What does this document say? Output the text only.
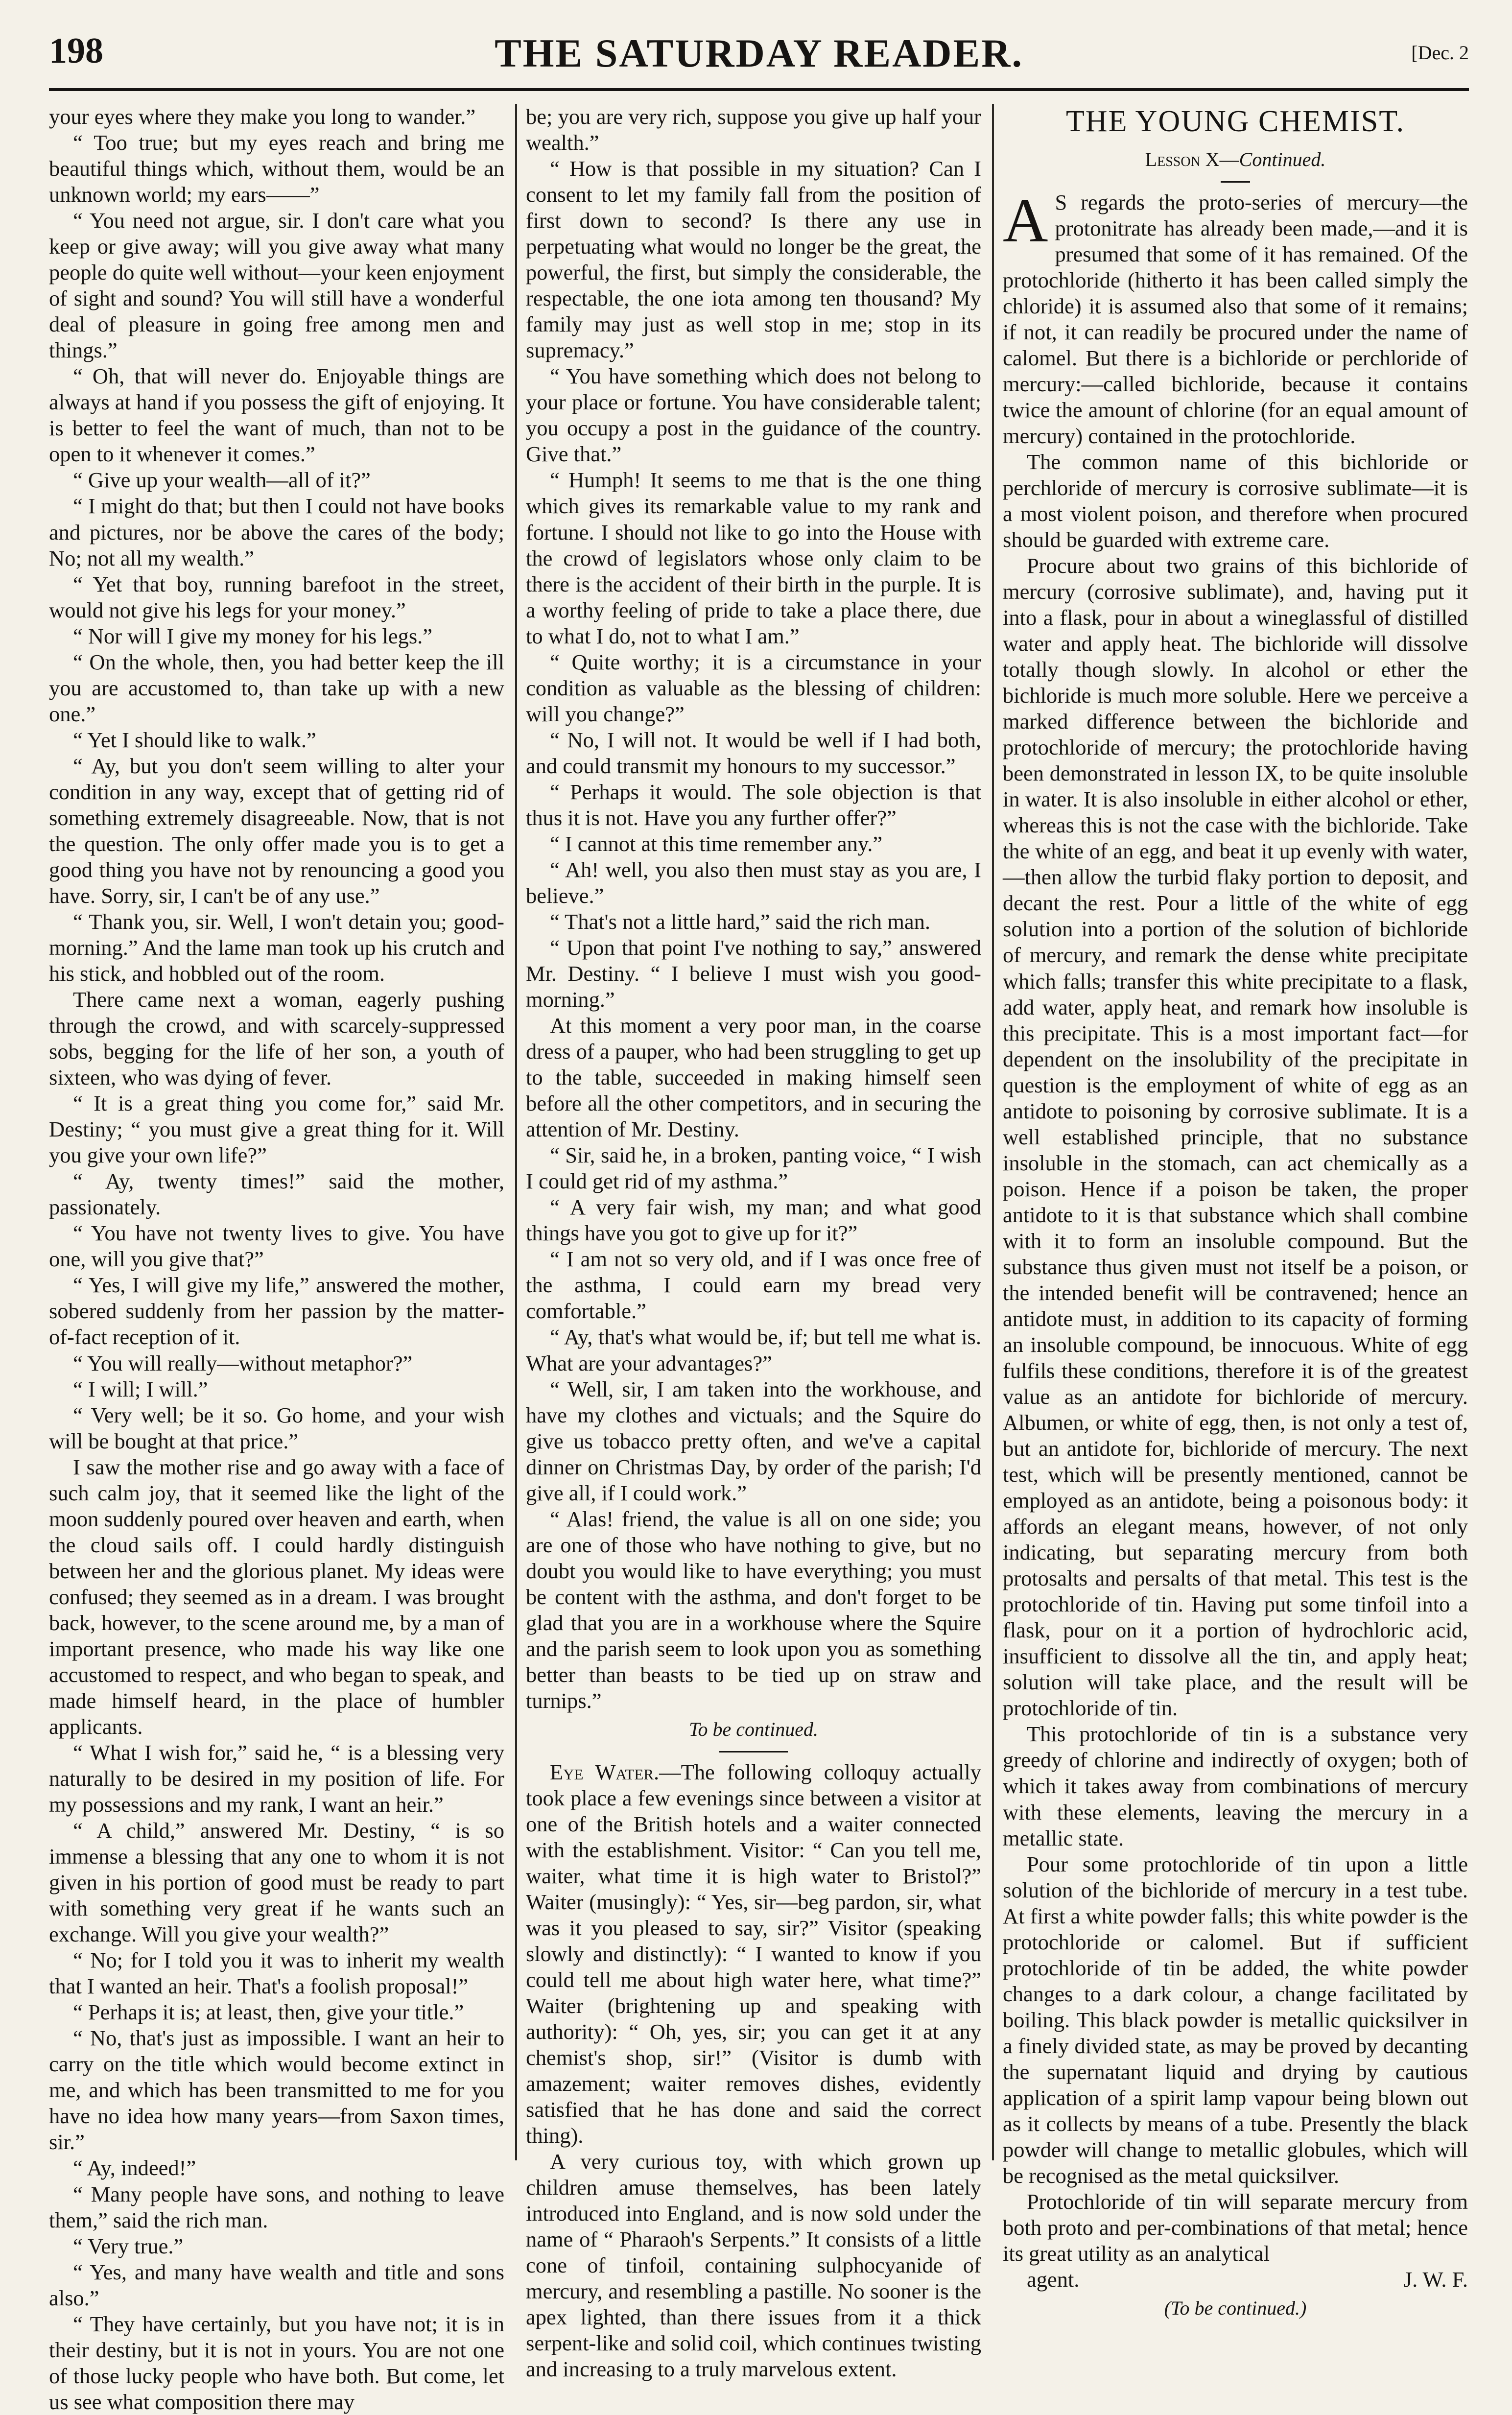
198	THE SATURDAY READER.	[Dec. 2

your eyes where they make you long to wander.”

“ Too true; but my eyes reach and bring me beautiful things which, without them, would be an unknown world; my ears——”

“ You need not argue, sir. I don't care what you keep or give away; will you give away what many people do quite well without—your keen enjoyment of sight and sound? You will still have a wonderful deal of pleasure in going free among men and things.”

“ Oh, that will never do. Enjoyable things are always at hand if you possess the gift of enjoying. It is better to feel the want of much, than not to be open to it whenever it comes.”

“ Give up your wealth—all of it?”

“ I might do that; but then I could not have books and pictures, nor be above the cares of the body; No; not all my wealth.”

“ Yet that boy, running barefoot in the street, would not give his legs for your money.”

“ Nor will I give my money for his legs.”

“ On the whole, then, you had better keep the ill you are accustomed to, than take up with a new one.”

“ Yet I should like to walk.”

“ Ay, but you don't seem willing to alter your condition in any way, except that of getting rid of something extremely disagreeable. Now, that is not the question. The only offer made you is to get a good thing you have not by renouncing a good you have. Sorry, sir, I can't be of any use.”

“ Thank you, sir. Well, I won't detain you; good-morning.” And the lame man took up his crutch and his stick, and hobbled out of the room.

There came next a woman, eagerly pushing through the crowd, and with scarcely-suppressed sobs, begging for the life of her son, a youth of sixteen, who was dying of fever.

“ It is a great thing you come for,” said Mr. Destiny; “ you must give a great thing for it. Will you give your own life?”

“ Ay, twenty times!” said the mother, passionately.

“ You have not twenty lives to give. You have one, will you give that?”

“ Yes, I will give my life,” answered the mother, sobered suddenly from her passion by the matter-of-fact reception of it.

“ You will really—without metaphor?”

“ I will; I will.”

“ Very well; be it so. Go home, and your wish will be bought at that price.”

I saw the mother rise and go away with a face of such calm joy, that it seemed like the light of the moon suddenly poured over heaven and earth, when the cloud sails off. I could hardly distinguish between her and the glorious planet. My ideas were confused; they seemed as in a dream. I was brought back, however, to the scene around me, by a man of important presence, who made his way like one accustomed to respect, and who began to speak, and made himself heard, in the place of humbler applicants.

“ What I wish for,” said he, “ is a blessing very naturally to be desired in my position of life. For my possessions and my rank, I want an heir.”

“ A child,” answered Mr. Destiny, “ is so immense a blessing that any one to whom it is not given in his portion of good must be ready to part with something very great if he wants such an exchange. Will you give your wealth?”

“ No; for I told you it was to inherit my wealth that I wanted an heir. That's a foolish proposal!”

“ Perhaps it is; at least, then, give your title.”

“ No, that's just as impossible. I want an heir to carry on the title which would become extinct in me, and which has been transmitted to me for you have no idea how many years—from Saxon times, sir.”

“ Ay, indeed!”

“ Many people have sons, and nothing to leave them,” said the rich man.

“ Very true.”

“ Yes, and many have wealth and title and sons also.”

“ They have certainly, but you have not; it is in their destiny, but it is not in yours. You are not one of those lucky people who have both. But come, let us see what composition there may

be; you are very rich, suppose you give up half your wealth.”

“ How is that possible in my situation? Can I consent to let my family fall from the position of first down to second? Is there any use in perpetuating what would no longer be the great, the powerful, the first, but simply the considerable, the respectable, the one iota among ten thousand? My family may just as well stop in me; stop in its supremacy.”

“ You have something which does not belong to your place or fortune. You have considerable talent; you occupy a post in the guidance of the country. Give that.”

“ Humph! It seems to me that is the one thing which gives its remarkable value to my rank and fortune. I should not like to go into the House with the crowd of legislators whose only claim to be there is the accident of their birth in the purple. It is a worthy feeling of pride to take a place there, due to what I do, not to what I am.”

“ Quite worthy; it is a circumstance in your condition as valuable as the blessing of children: will you change?”

“ No, I will not. It would be well if I had both, and could transmit my honours to my successor.”

“ Perhaps it would. The sole objection is that thus it is not. Have you any further offer?”

“ I cannot at this time remember any.”

“ Ah! well, you also then must stay as you are, I believe.”

“ That's not a little hard,” said the rich man.

“ Upon that point I've nothing to say,” answered Mr. Destiny. “ I believe I must wish you good-morning.”

At this moment a very poor man, in the coarse dress of a pauper, who had been struggling to get up to the table, succeeded in making himself seen before all the other competitors, and in securing the attention of Mr. Destiny.

“ Sir, said he, in a broken, panting voice, “ I wish I could get rid of my asthma.”

“ A very fair wish, my man; and what good things have you got to give up for it?”

“ I am not so very old, and if I was once free of the asthma, I could earn my bread very comfortable.”

“ Ay, that's what would be, if; but tell me what is. What are your advantages?”

“ Well, sir, I am taken into the workhouse, and have my clothes and victuals; and the Squire do give us tobacco pretty often, and we've a capital dinner on Christmas Day, by order of the parish; I'd give all, if I could work.”

“ Alas! friend, the value is all on one side; you are one of those who have nothing to give, but no doubt you would like to have everything; you must be content with the asthma, and don't forget to be glad that you are in a workhouse where the Squire and the parish seem to look upon you as something better than beasts to be tied up on straw and turnips.”

To be continued.

Eye Water.—The following colloquy actually took place a few evenings since between a visitor at one of the British hotels and a waiter connected with the establishment. Visitor: “ Can you tell me, waiter, what time it is high water to Bristol?” Waiter (musingly): “ Yes, sir—beg pardon, sir, what was it you pleased to say, sir?” Visitor (speaking slowly and distinctly): “ I wanted to know if you could tell me about high water here, what time?” Waiter (brightening up and speaking with authority): “ Oh, yes, sir; you can get it at any chemist's shop, sir!” (Visitor is dumb with amazement; waiter removes dishes, evidently satisfied that he has done and said the correct thing).

A very curious toy, with which grown up children amuse themselves, has been lately introduced into England, and is now sold under the name of “ Pharaoh's Serpents.” It consists of a little cone of tinfoil, containing sulphocyanide of mercury, and resembling a pastille. No sooner is the apex lighted, than there issues from it a thick serpent-like and solid coil, which continues twisting and increasing to a truly marvelous extent.

THE YOUNG CHEMIST.
Lesson X—Continued.

A S regards the proto-series of mercury—the protonitrate has already been made,—and it is presumed that some of it has remained. Of the protochloride (hitherto it has been called simply the chloride) it is assumed also that some of it remains; if not, it can readily be procured under the name of calomel. But there is a bichloride or perchloride of mercury:—called bichloride, because it contains twice the amount of chlorine (for an equal amount of mercury) contained in the protochloride.

The common name of this bichloride or perchloride of mercury is corrosive sublimate—it is a most violent poison, and therefore when procured should be guarded with extreme care.

Procure about two grains of this bichloride of mercury (corrosive sublimate), and, having put it into a flask, pour in about a wineglassful of distilled water and apply heat. The bichloride will dissolve totally though slowly. In alcohol or ether the bichloride is much more soluble. Here we perceive a marked difference between the bichloride and protochloride of mercury; the protochloride having been demonstrated in lesson IX, to be quite insoluble in water. It is also insoluble in either alcohol or ether, whereas this is not the case with the bichloride. Take the white of an egg, and beat it up evenly with water,—then allow the turbid flaky portion to deposit, and decant the rest. Pour a little of the white of egg solution into a portion of the solution of bichloride of mercury, and remark the dense white precipitate which falls; transfer this white precipitate to a flask, add water, apply heat, and remark how insoluble is this precipitate. This is a most important fact—for dependent on the insolubility of the precipitate in question is the employment of white of egg as an antidote to poisoning by corrosive sublimate. It is a well established principle, that no substance insoluble in the stomach, can act chemically as a poison. Hence if a poison be taken, the proper antidote to it is that substance which shall combine with it to form an insoluble compound. But the substance thus given must not itself be a poison, or the intended benefit will be contravened; hence an antidote must, in addition to its capacity of forming an insoluble compound, be innocuous. White of egg fulfils these conditions, therefore it is of the greatest value as an antidote for bichloride of mercury. Albumen, or white of egg, then, is not only a test of, but an antidote for, bichloride of mercury. The next test, which will be presently mentioned, cannot be employed as an antidote, being a poisonous body: it affords an elegant means, however, of not only indicating, but separating mercury from both protosalts and persalts of that metal. This test is the protochloride of tin. Having put some tinfoil into a flask, pour on it a portion of hydrochloric acid, insufficient to dissolve all the tin, and apply heat; solution will take place, and the result will be protochloride of tin.

This protochloride of tin is a substance very greedy of chlorine and indirectly of oxygen; both of which it takes away from combinations of mercury with these elements, leaving the mercury in a metallic state.

Pour some protochloride of tin upon a little solution of the bichloride of mercury in a test tube. At first a white powder falls; this white powder is the protochloride or calomel. But if sufficient protochloride of tin be added, the white powder changes to a dark colour, a change facilitated by boiling. This black powder is metallic quicksilver in a finely divided state, as may be proved by decanting the supernatant liquid and drying by cautious application of a spirit lamp vapour being blown out as it collects by means of a tube. Presently the black powder will change to metallic globules, which will be recognised as the metal quicksilver.

Protochloride of tin will separate mercury from both proto and per-combinations of that metal; hence its great utility as an analytical

agent.	J. W. F.

(To be continued.)
